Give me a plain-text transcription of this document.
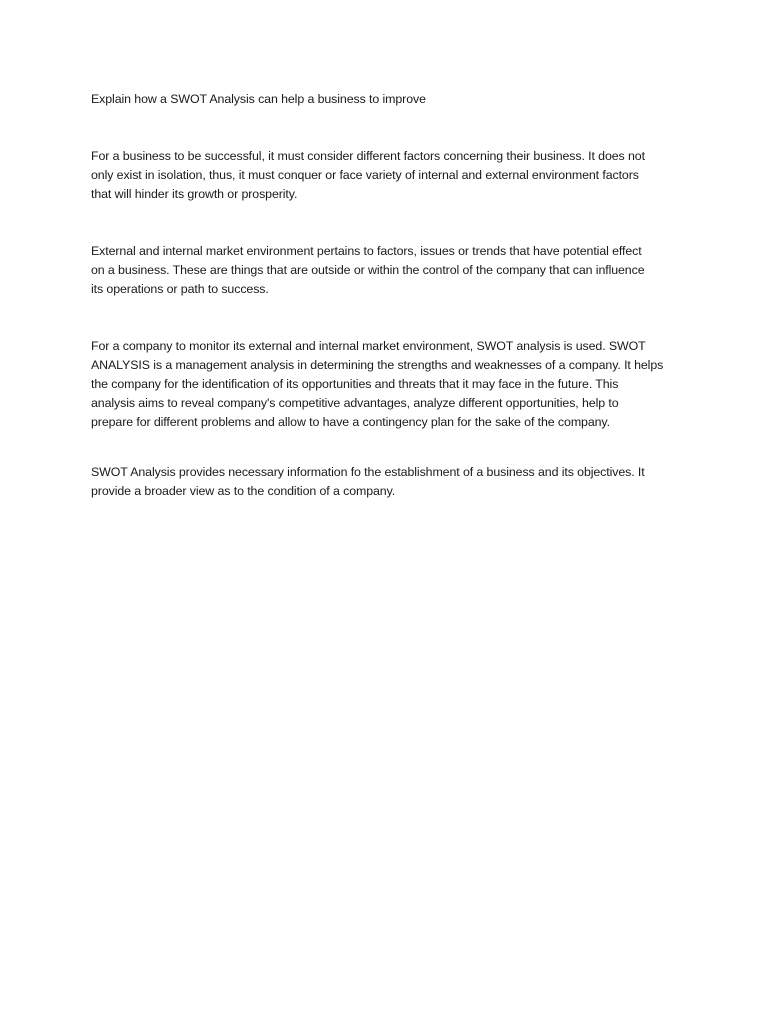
Explain how a SWOT Analysis can help a business to improve
For a business to be successful, it must consider different factors concerning their business. It does not
only exist in isolation, thus, it must conquer or face variety of internal and external environment factors
that will hinder its growth or prosperity.
External and internal market environment pertains to factors, issues or trends that have potential effect
on a business. These are things that are outside or within the control of the company that can influence
its operations or path to success.
For a company to monitor its external and internal market environment, SWOT analysis is used. SWOT
ANALYSIS is a management analysis in determining the strengths and weaknesses of a company. It helps
the company for the identification of its opportunities and threats that it may face in the future. This
analysis aims to reveal company's competitive advantages, analyze different opportunities, help to
prepare for different problems and allow to have a contingency plan for the sake of the company.
SWOT Analysis provides necessary information fo the establishment of a business and its objectives. It
provide a broader view as to the condition of a company.
